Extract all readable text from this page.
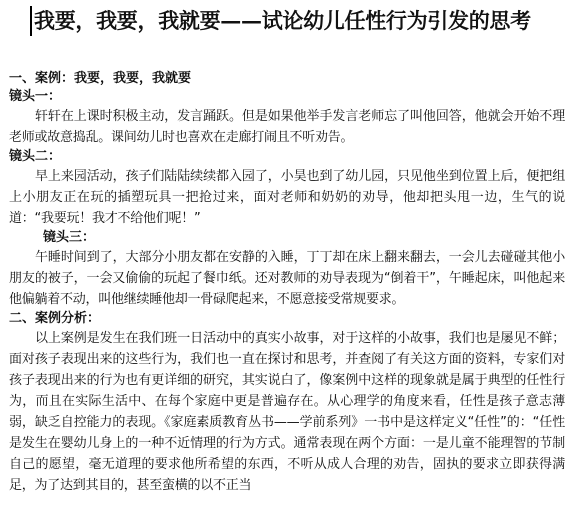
我要，我要，我就要——试论幼儿任性行为引发的思考
一、案例：我要，我要，我就要
镜头一：

轩轩在上课时积极主动，发言踊跃。但是如果他举手发言老师忘了叫他回答，他就会开始不理老师或故意捣乱。课间幼儿时也喜欢在走廊打闹且不听劝告。

镜头二：

早上来园活动，孩子们陆陆续续都入园了，小昊也到了幼儿园，只见他坐到位置上后，便把组上小朋友正在玩的插塑玩具一把抢过来，面对老师和奶奶的劝导，他却把头甩一边，生气的说道：“我要玩！我才不给他们呢！”

镜头三：

午睡时间到了，大部分小朋友都在安静的入睡，丁丁却在床上翻来翻去，一会儿去碰碰其他小朋友的被子，一会又偷偷的玩起了餐巾纸。还对教师的劝导表现为“倒着干”，午睡起床，叫他起来他偏躺着不动，叫他继续睡他却一骨碌爬起来，不愿意接受常规要求。

二、案例分析：

以上案例是发生在我们班一日活动中的真实小故事，对于这样的小故事，我们也是屡见不鲜；面对孩子表现出来的这些行为，我们也一直在探讨和思考，并查阅了有关这方面的资料，专家们对孩子表现出来的行为也有更详细的研究，其实说白了，像案例中这样的现象就是属于典型的任性行为，而且在实际生活中、在每个家庭中更是普遍存在。从心理学的角度来看，任性是孩子意志薄弱，缺乏自控能力的表现。《家庭素质教育丛书——学前系列》一书中是这样定义“任性”的：“任性是发生在婴幼儿身上的一种不近情理的行为方式。通常表现在两个方面：一是儿童不能理智的节制自己的愿望，毫无道理的要求他所希望的东西，不听从成人合理的劝告，固执的要求立即获得满足，为了达到其目的，甚至蛮横的以不正当
